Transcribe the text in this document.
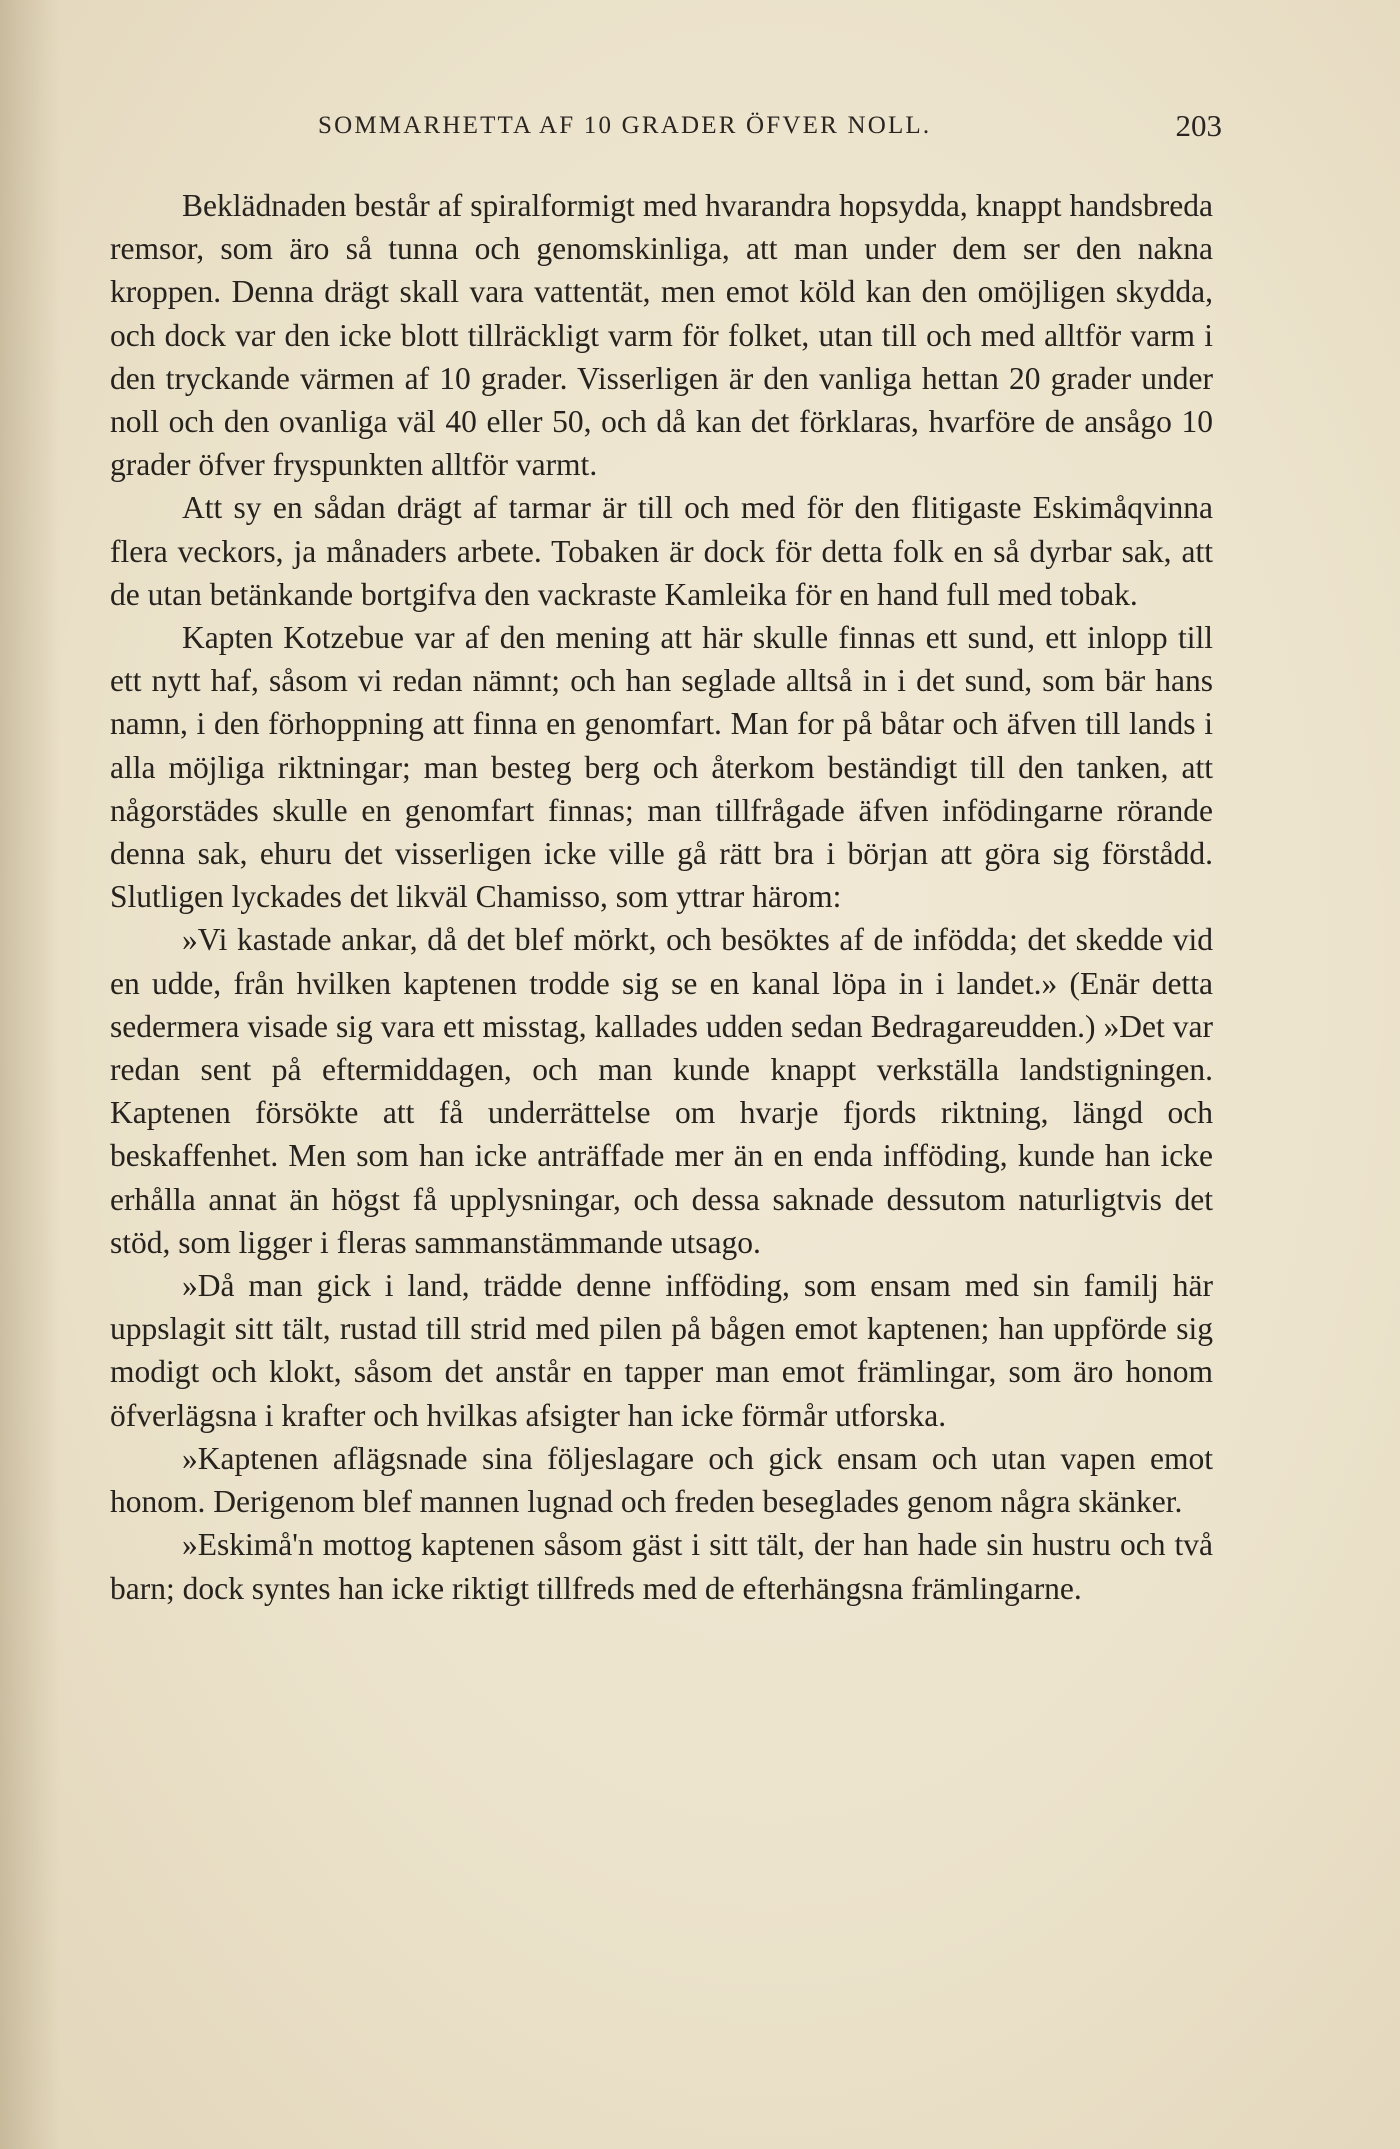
SOMMARHETTA AF 10 GRADER ÖFVER NOLL.	203

Beklädnaden består af spiralformigt med hvarandra hopsydda, knappt handsbreda remsor, som äro så tunna och genomskinliga, att man under dem ser den nakna kroppen. Denna drägt skall vara vattentät, men emot köld kan den omöjligen skydda, och dock var den icke blott tillräckligt varm för folket, utan till och med alltför varm i den tryckande värmen af 10 grader. Visserligen är den vanliga hettan 20 grader under noll och den ovanliga väl 40 eller 50, och då kan det förklaras, hvarföre de ansågo 10 grader öfver fryspunkten alltför varmt.

Att sy en sådan drägt af tarmar är till och med för den flitigaste Eskimåqvinna flera veckors, ja månaders arbete. Tobaken är dock för detta folk en så dyrbar sak, att de utan betänkande bortgifva den vackraste Kamleika för en hand full med tobak.

Kapten Kotzebue var af den mening att här skulle finnas ett sund, ett inlopp till ett nytt haf, såsom vi redan nämnt; och han seglade alltså in i det sund, som bär hans namn, i den förhoppning att finna en genomfart. Man for på båtar och äfven till lands i alla möjliga riktningar; man besteg berg och återkom beständigt till den tanken, att någorstädes skulle en genomfart finnas; man tillfrågade äfven infödingarne rörande denna sak, ehuru det visserligen icke ville gå rätt bra i början att göra sig förstådd. Slutligen lyckades det likväl Chamisso, som yttrar härom:

»Vi kastade ankar, då det blef mörkt, och besöktes af de infödda; det skedde vid en udde, från hvilken kaptenen trodde sig se en kanal löpa in i landet.» (Enär detta sedermera visade sig vara ett misstag, kallades udden sedan Bedragareudden.) »Det var redan sent på eftermiddagen, och man kunde knappt verkställa landstigningen. Kaptenen försökte att få underrättelse om hvarje fjords riktning, längd och beskaffenhet. Men som han icke anträffade mer än en enda infföding, kunde han icke erhålla annat än högst få upplysningar, och dessa saknade dessutom naturligtvis det stöd, som ligger i fleras sammanstämmande utsago.

»Då man gick i land, trädde denne infföding, som ensam med sin familj här uppslagit sitt tält, rustad till strid med pilen på bågen emot kaptenen; han uppförde sig modigt och klokt, såsom det anstår en tapper man emot främlingar, som äro honom öfverlägsna i krafter och hvilkas afsigter han icke förmår utforska.

»Kaptenen aflägsnade sina följeslagare och gick ensam och utan vapen emot honom. Derigenom blef mannen lugnad och freden beseglades genom några skänker.

»Eskimå'n mottog kaptenen såsom gäst i sitt tält, der han hade sin hustru och två barn; dock syntes han icke riktigt tillfreds med de efterhängsna främlingarne.
